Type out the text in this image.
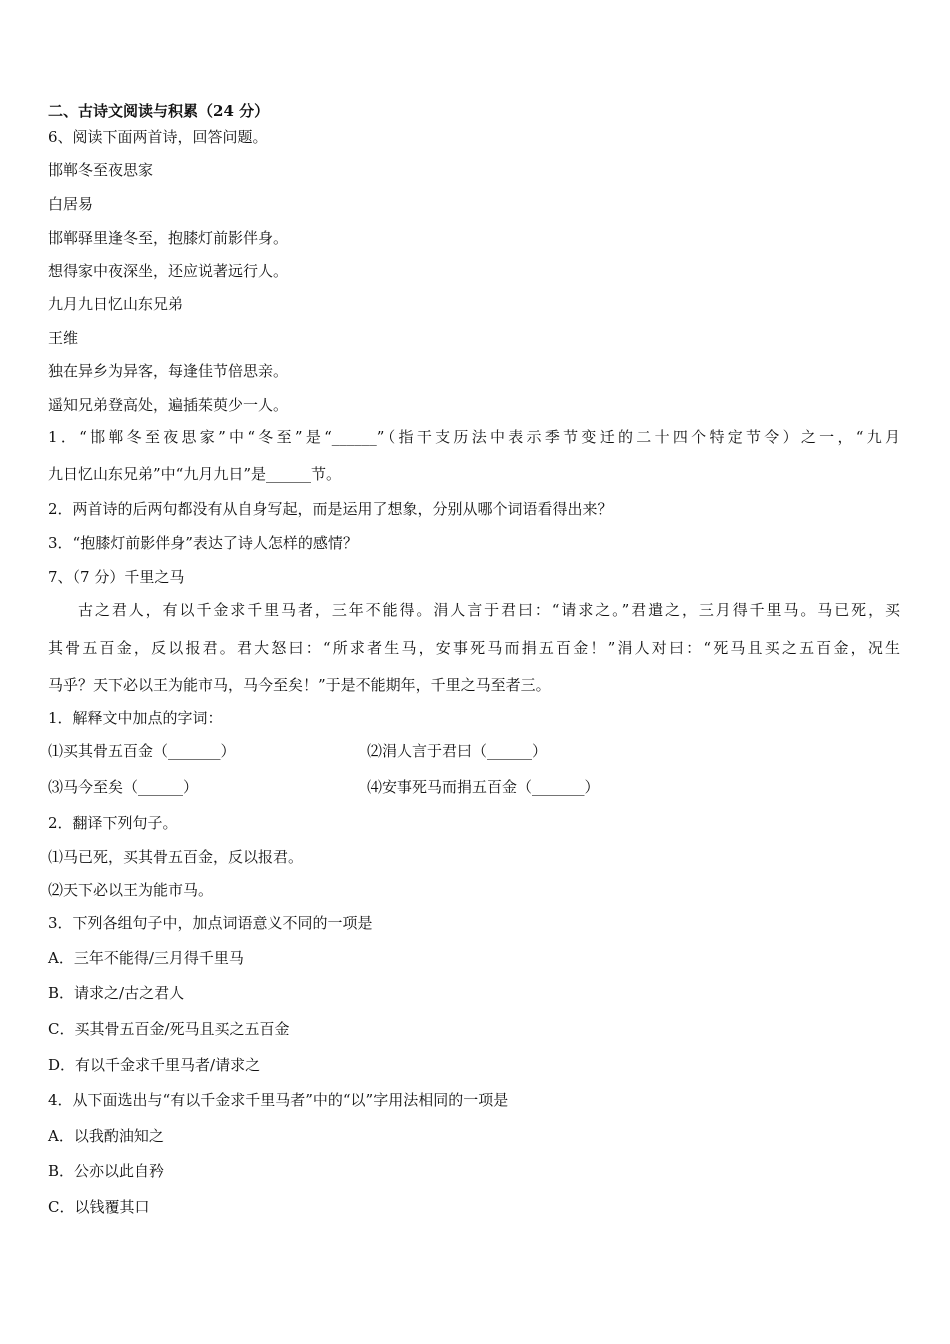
二、古诗文阅读与积累（24 分）
6、阅读下面两首诗，回答问题。
邯郸冬至夜思家
白居易
邯郸驿里逢冬至，抱膝灯前影伴身。
想得家中夜深坐，还应说著远行人。
九月九日忆山东兄弟
王维
独在异乡为异客，每逢佳节倍思亲。
遥知兄弟登高处，遍插茱萸少一人。
1．“邯郸冬至夜思家”中“冬至”是“______”（指干支历法中表示季节变迁的二十四个特定节令）之一，“九月
九日忆山东兄弟”中“九月九日”是______节。
2．两首诗的后两句都没有从自身写起，而是运用了想象，分别从哪个词语看得出来？
3．“抱膝灯前影伴身”表达了诗人怎样的感情？
7、（7 分）千里之马
古之君人，有以千金求千里马者，三年不能得。涓人言于君曰：“请求之。”君遣之，三月得千里马。马已死，买
其骨五百金，反以报君。君大怒曰：“所求者生马，安事死马而捐五百金！”涓人对曰：“死马且买之五百金，况生
马乎？天下必以王为能市马，马今至矣！”于是不能期年，千里之马至者三。
1．解释文中加点的字词：
⑴买其骨五百金（_______）	⑵涓人言于君曰（______）
⑶马今至矣（______）	⑷安事死马而捐五百金（_______）
2．翻译下列句子。
⑴马已死，买其骨五百金，反以报君。
⑵天下必以王为能市马。
3．下列各组句子中，加点词语意义不同的一项是
A．三年不能得/三月得千里马
B．请求之/古之君人
C．买其骨五百金/死马且买之五百金
D．有以千金求千里马者/请求之
4．从下面选出与“有以千金求千里马者”中的“以”字用法相同的一项是
A．以我酌油知之
B．公亦以此自矜
C．以钱覆其口
